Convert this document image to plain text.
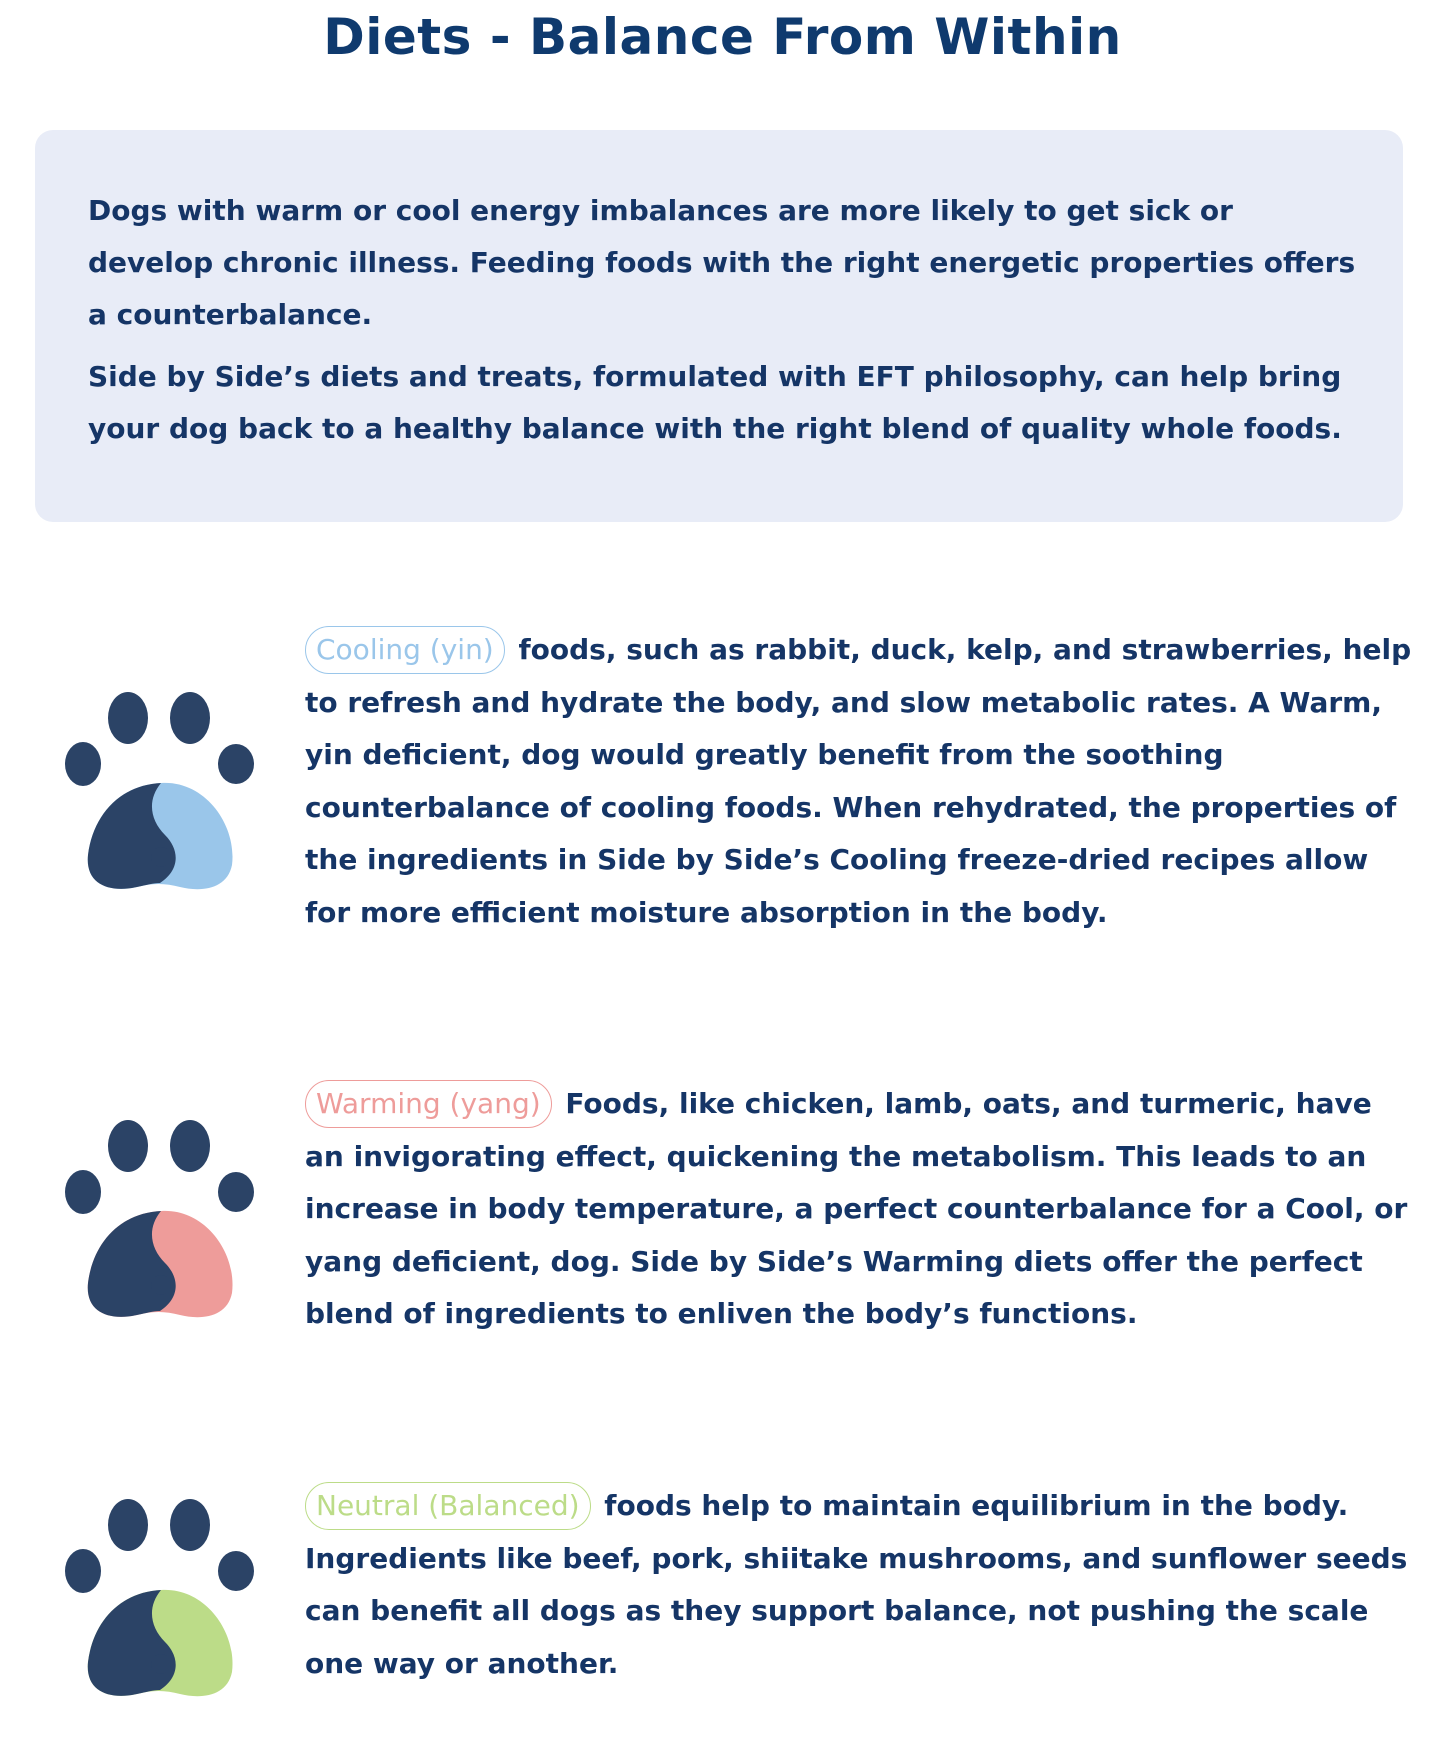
Diets - Balance From Within

Dogs with warm or cool energy imbalances are more likely to get sick or develop chronic illness. Feeding foods with the right energetic properties offers a counterbalance.

Side by Side’s diets and treats, formulated with EFT philosophy, can help bring your dog back to a healthy balance with the right blend of quality whole foods.

Cooling (yin) foods, such as rabbit, duck, kelp, and strawberries, help to refresh and hydrate the body, and slow metabolic rates. A Warm, yin deficient, dog would greatly benefit from the soothing counterbalance of cooling foods. When rehydrated, the properties of the ingredients in Side by Side’s Cooling freeze-dried recipes allow for more efficient moisture absorption in the body.

Warming (yang) Foods, like chicken, lamb, oats, and turmeric, have an invigorating effect, quickening the metabolism. This leads to an increase in body temperature, a perfect counterbalance for a Cool, or yang deficient, dog. Side by Side’s Warming diets offer the perfect blend of ingredients to enliven the body’s functions.

Neutral (Balanced) foods help to maintain equilibrium in the body. Ingredients like beef, pork, shiitake mushrooms, and sunflower seeds can benefit all dogs as they support balance, not pushing the scale one way or another.
